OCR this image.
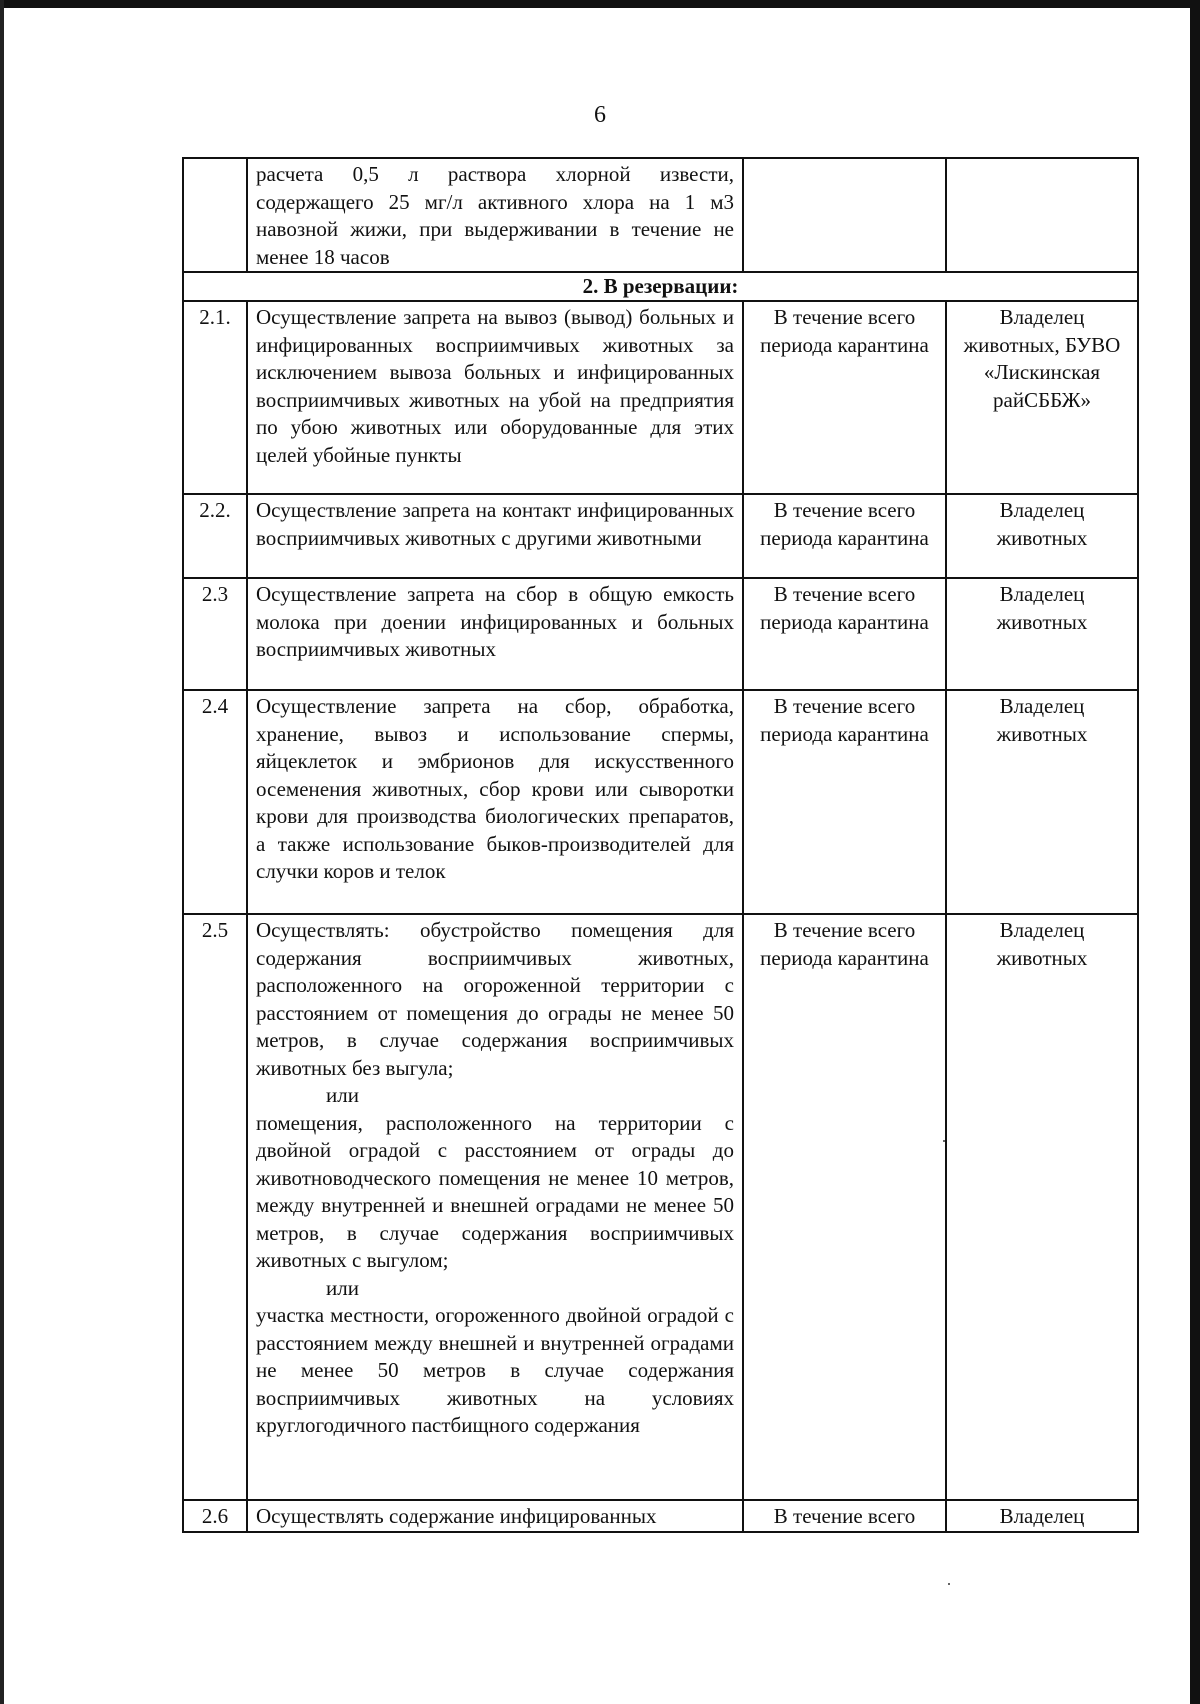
6
	расчета 0,5 л раствора хлорной извести, содержащего 25 мг/л активного хлора на 1 м3 навозной жижи, при выдерживании в течение не менее 18 часов		
2. В резервации:			
2.1.	Осуществление запрета на вывоз (вывод) больных и инфицированных восприимчивых животных за исключением вывоза больных и инфицированных восприимчивых животных на убой на предприятия по убою животных или оборудованные для этих целей убойные пункты	В течение всего периода карантина	Владелец животных, БУВО «Лискинская райСББЖ»
2.2.	Осуществление запрета на контакт инфицированных восприимчивых животных с другими животными	В течение всего периода карантина	Владелец животных
2.3	Осуществление запрета на сбор в общую емкость молока при доении инфицированных и больных восприимчивых животных	В течение всего периода карантина	Владелец животных
2.4	Осуществление запрета на сбор, обработка, хранение, вывоз и использование спермы, яйцеклеток и эмбрионов для искусственного осеменения животных, сбор крови или сыворотки крови для производства биологических препаратов, а также использование быков-производителей для случки коров и телок	В течение всего периода карантина	Владелец животных
2.5	Осуществлять: обустройство помещения для содержания восприимчивых животных, расположенного на огороженной территории с расстоянием от помещения до ограды не менее 50 метров, в случае содержания восприимчивых животных без выгула;
или
помещения, расположенного на территории с двойной оградой с расстоянием от ограды до животноводческого помещения не менее 10 метров, между внутренней и внешней оградами не менее 50 метров, в случае содержания восприимчивых животных с выгулом;
или
участка местности, огороженного двойной оградой с расстоянием между внешней и внутренней оградами не менее 50 метров в случае содержания восприимчивых животных на условиях круглогодичного пастбищного содержания	В течение всего периода карантина	Владелец животных
2.6	Осуществлять содержание инфицированных	В течение всего	Владелец
